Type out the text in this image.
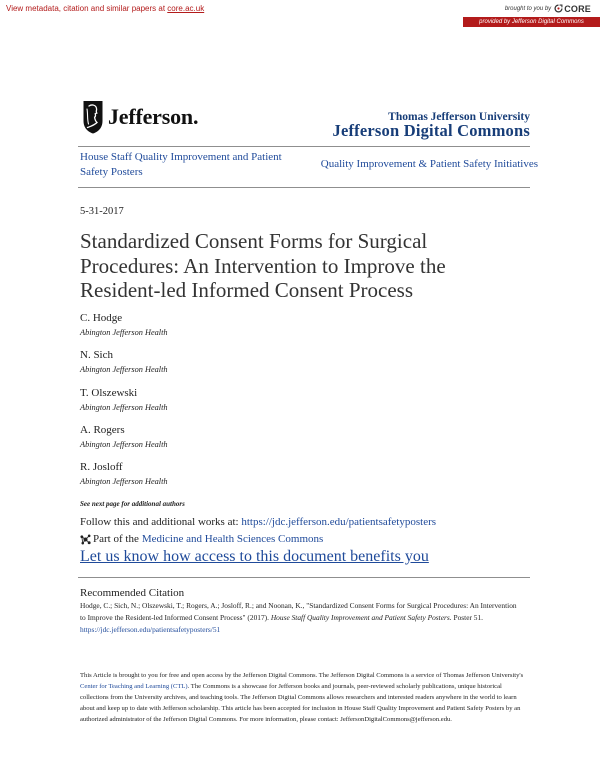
View metadata, citation and similar papers at core.ac.uk	brought to you by CORE
provided by Jefferson Digital Commons
Jefferson.	Thomas Jefferson University
Jefferson Digital Commons
House Staff Quality Improvement and Patient Safety Posters
Quality Improvement & Patient Safety Initiatives
5-31-2017
Standardized Consent Forms for Surgical
Procedures: An Intervention to Improve the
Resident-led Informed Consent Process
C. Hodge
Abington Jefferson Health
N. Sich
Abington Jefferson Health
T. Olszewski
Abington Jefferson Health
A. Rogers
Abington Jefferson Health
R. Josloff
Abington Jefferson Health
See next page for additional authors
Follow this and additional works at: https://jdc.jefferson.edu/patientsafetyposters
Part of the Medicine and Health Sciences Commons
Let us know how access to this document benefits you
Recommended Citation
Hodge, C.; Sich, N.; Olszewski, T.; Rogers, A.; Josloff, R.; and Noonan, K., "Standardized Consent Forms for Surgical Procedures: An Intervention to Improve the Resident-led Informed Consent Process" (2017). House Staff Quality Improvement and Patient Safety Posters. Poster 51.
https://jdc.jefferson.edu/patientsafetyposters/51
This Article is brought to you for free and open access by the Jefferson Digital Commons. The Jefferson Digital Commons is a service of Thomas Jefferson University's Center for Teaching and Learning (CTL). The Commons is a showcase for Jefferson books and journals, peer-reviewed scholarly publications, unique historical collections from the University archives, and teaching tools. The Jefferson Digital Commons allows researchers and interested readers anywhere in the world to learn about and keep up to date with Jefferson scholarship. This article has been accepted for inclusion in House Staff Quality Improvement and Patient Safety Posters by an authorized administrator of the Jefferson Digital Commons. For more information, please contact: JeffersonDigitalCommons@jefferson.edu.
